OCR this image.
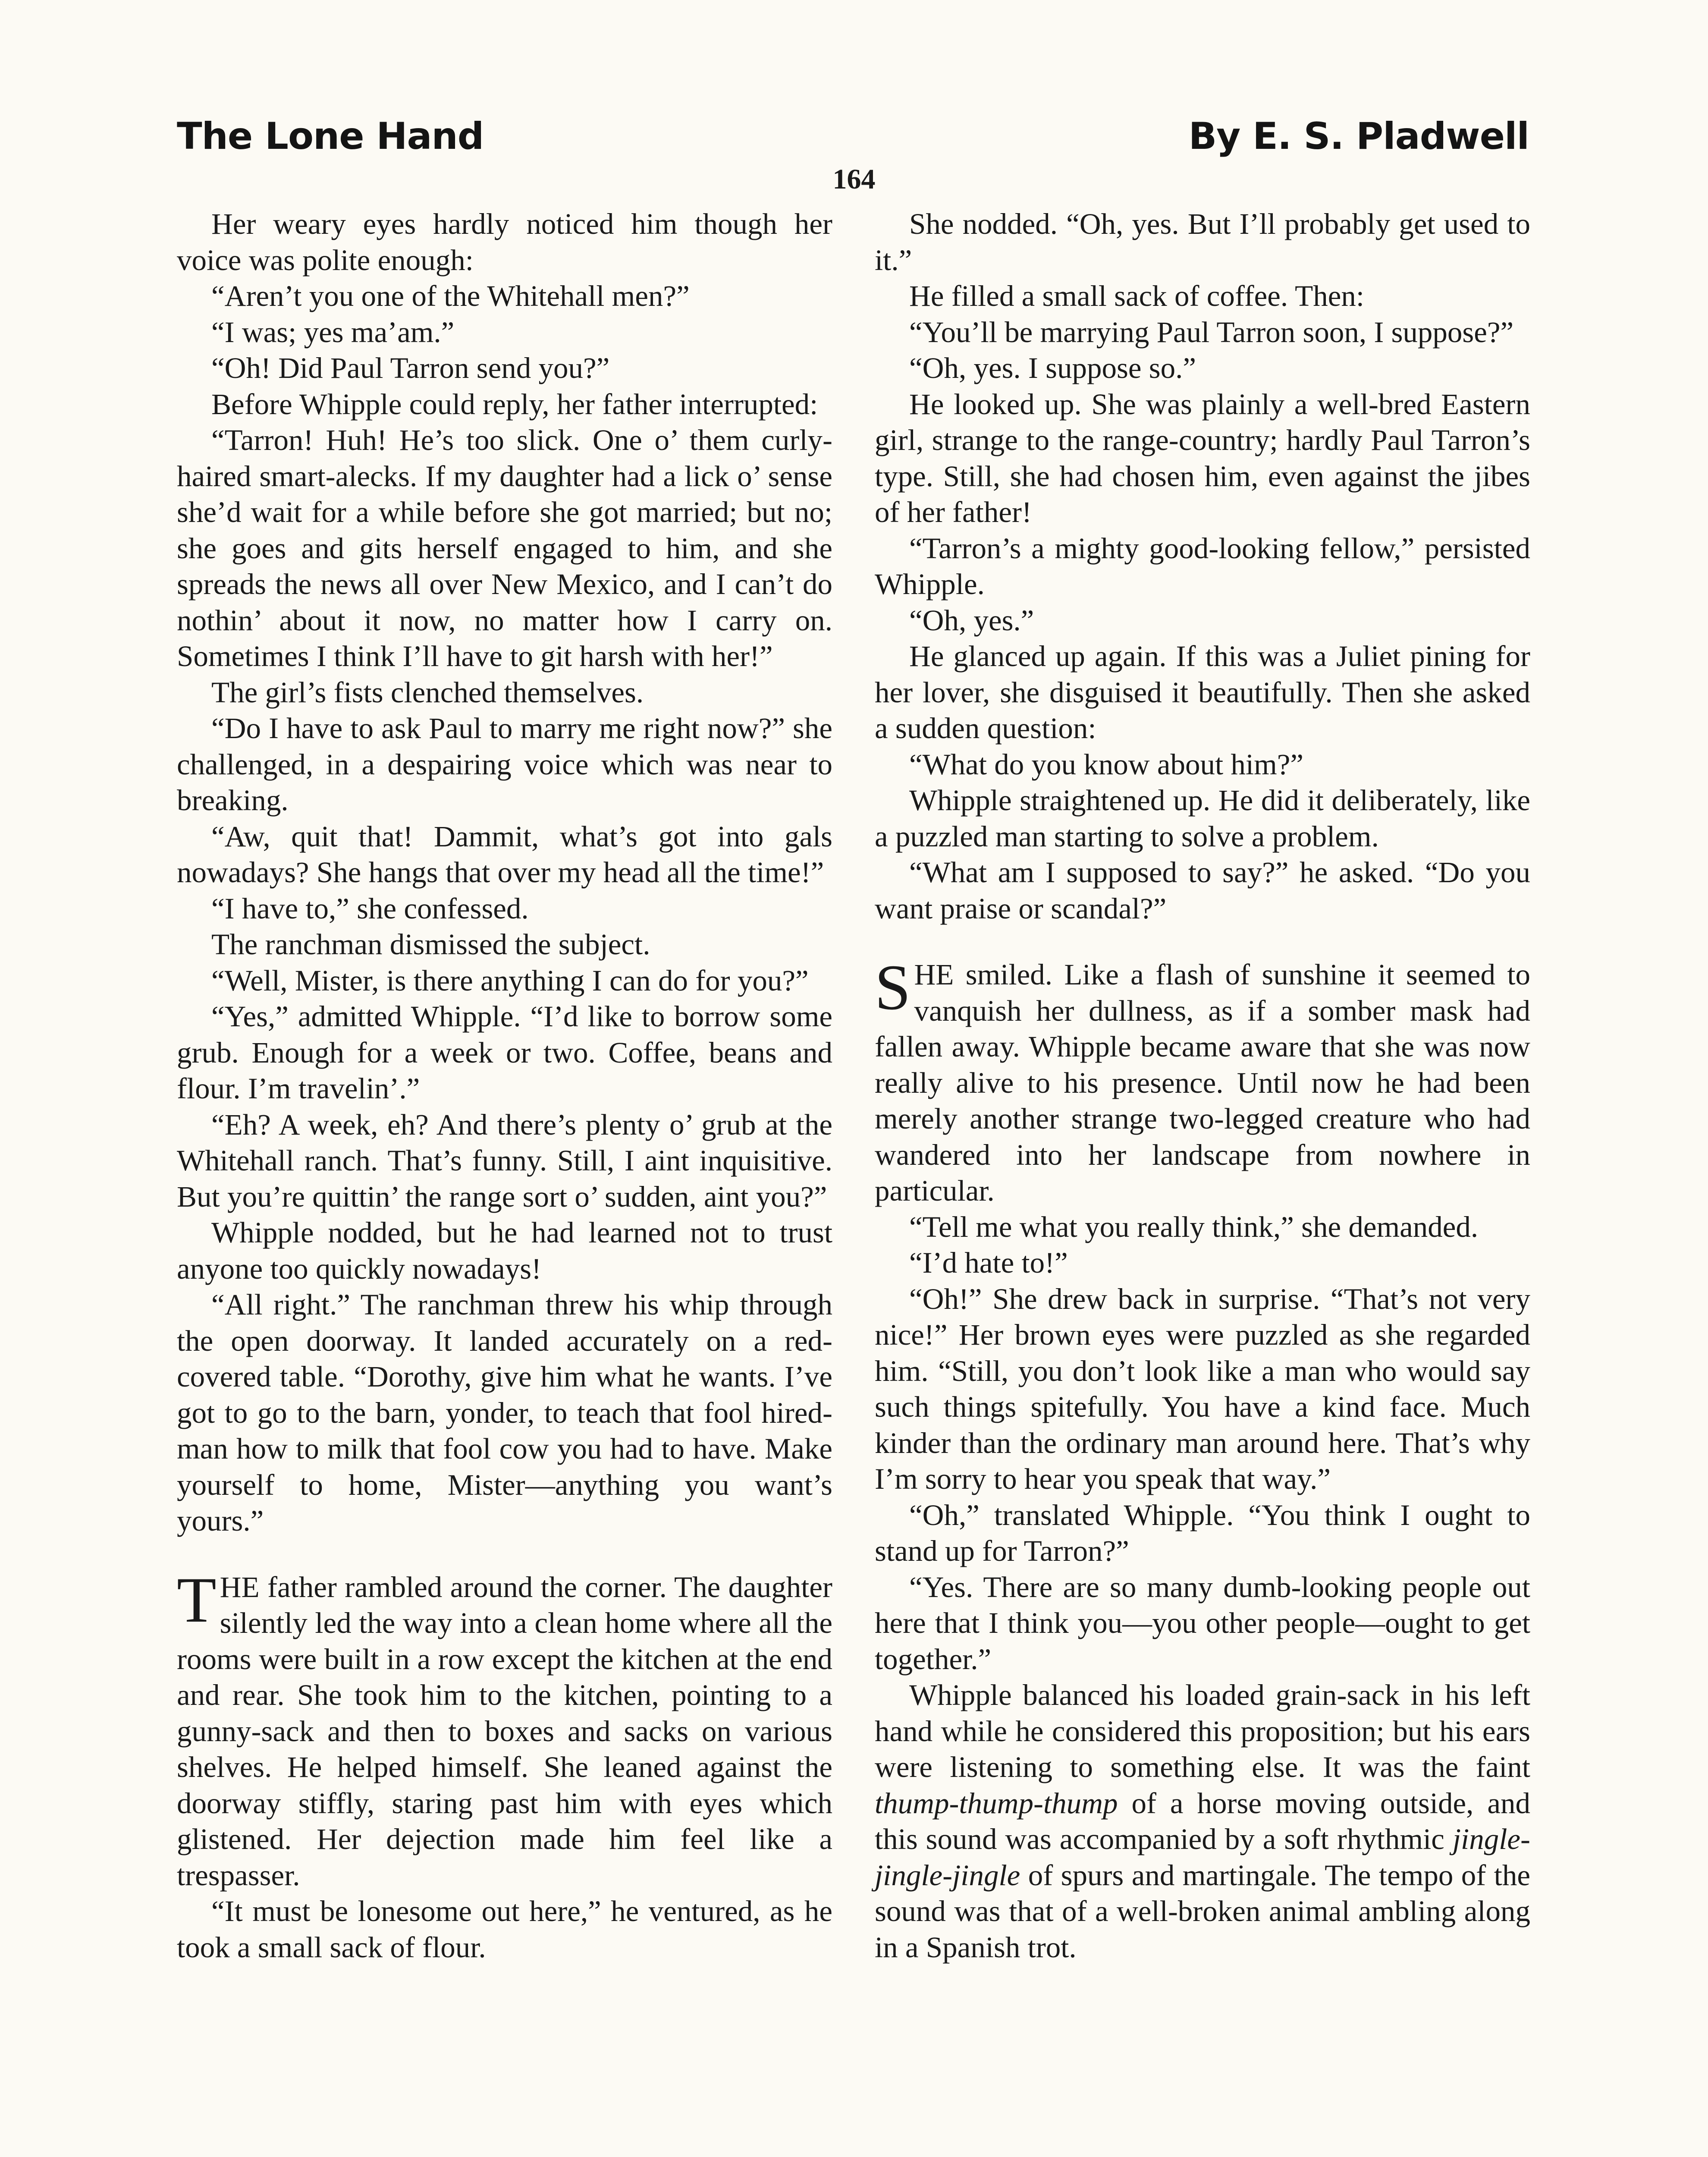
The Lone Hand	By E. S. Pladwell
164

Her weary eyes hardly noticed him though her voice was polite enough:

“Aren’t you one of the Whitehall men?”

“I was; yes ma’am.”

“Oh! Did Paul Tarron send you?”

Before Whipple could reply, her father interrupted:

“Tarron! Huh! He’s too slick. One o’ them curly-haired smart-alecks. If my daughter had a lick o’ sense she’d wait for a while before she got married; but no; she goes and gits herself engaged to him, and she spreads the news all over New Mexico, and I can’t do nothin’ about it now, no matter how I carry on. Sometimes I think I’ll have to git harsh with her!”

The girl’s fists clenched themselves.

“Do I have to ask Paul to marry me right now?” she challenged, in a despairing voice which was near to breaking.

“Aw, quit that! Dammit, what’s got into gals nowadays? She hangs that over my head all the time!”

“I have to,” she confessed.

The ranchman dismissed the subject.

“Well, Mister, is there anything I can do for you?”

“Yes,” admitted Whipple. “I’d like to borrow some grub. Enough for a week or two. Coffee, beans and flour. I’m travelin’.”

“Eh? A week, eh? And there’s plenty o’ grub at the Whitehall ranch. That’s funny. Still, I aint inquisitive. But you’re quittin’ the range sort o’ sudden, aint you?”

Whipple nodded, but he had learned not to trust anyone too quickly nowadays!

“All right.” The ranchman threw his whip through the open doorway. It landed accurately on a red-covered table. “Dorothy, give him what he wants. I’ve got to go to the barn, yonder, to teach that fool hired-man how to milk that fool cow you had to have. Make yourself to home, Mister—anything you want’s yours.”

THE father rambled around the corner. The daughter silently led the way into a clean home where all the rooms were built in a row except the kitchen at the end and rear. She took him to the kitchen, pointing to a gunny-sack and then to boxes and sacks on various shelves. He helped himself. She leaned against the doorway stiffly, staring past him with eyes which glistened. Her dejection made him feel like a trespasser.

“It must be lonesome out here,” he ventured, as he took a small sack of flour.

She nodded. “Oh, yes. But I’ll probably get used to it.”

He filled a small sack of coffee. Then:

“You’ll be marrying Paul Tarron soon, I suppose?”

“Oh, yes. I suppose so.”

He looked up. She was plainly a well-bred Eastern girl, strange to the range-country; hardly Paul Tarron’s type. Still, she had chosen him, even against the jibes of her father!

“Tarron’s a mighty good-looking fellow,” persisted Whipple.

“Oh, yes.”

He glanced up again. If this was a Juliet pining for her lover, she disguised it beautifully. Then she asked a sudden question:

“What do you know about him?”

Whipple straightened up. He did it deliberately, like a puzzled man starting to solve a problem.

“What am I supposed to say?” he asked. “Do you want praise or scandal?”

SHE smiled. Like a flash of sunshine it seemed to vanquish her dullness, as if a somber mask had fallen away. Whipple became aware that she was now really alive to his presence. Until now he had been merely another strange two-legged creature who had wandered into her landscape from nowhere in particular.

“Tell me what you really think,” she demanded.

“I’d hate to!”

“Oh!” She drew back in surprise. “That’s not very nice!” Her brown eyes were puzzled as she regarded him. “Still, you don’t look like a man who would say such things spitefully. You have a kind face. Much kinder than the ordinary man around here. That’s why I’m sorry to hear you speak that way.”

“Oh,” translated Whipple. “You think I ought to stand up for Tarron?”

“Yes. There are so many dumb-looking people out here that I think you—you other people—ought to get together.”

Whipple balanced his loaded grain-sack in his left hand while he considered this proposition; but his ears were listening to something else. It was the faint thump-thump-thump of a horse moving outside, and this sound was accompanied by a soft rhythmic jingle-jingle-jingle of spurs and martingale. The tempo of the sound was that of a well-broken animal ambling along in a Spanish trot.
